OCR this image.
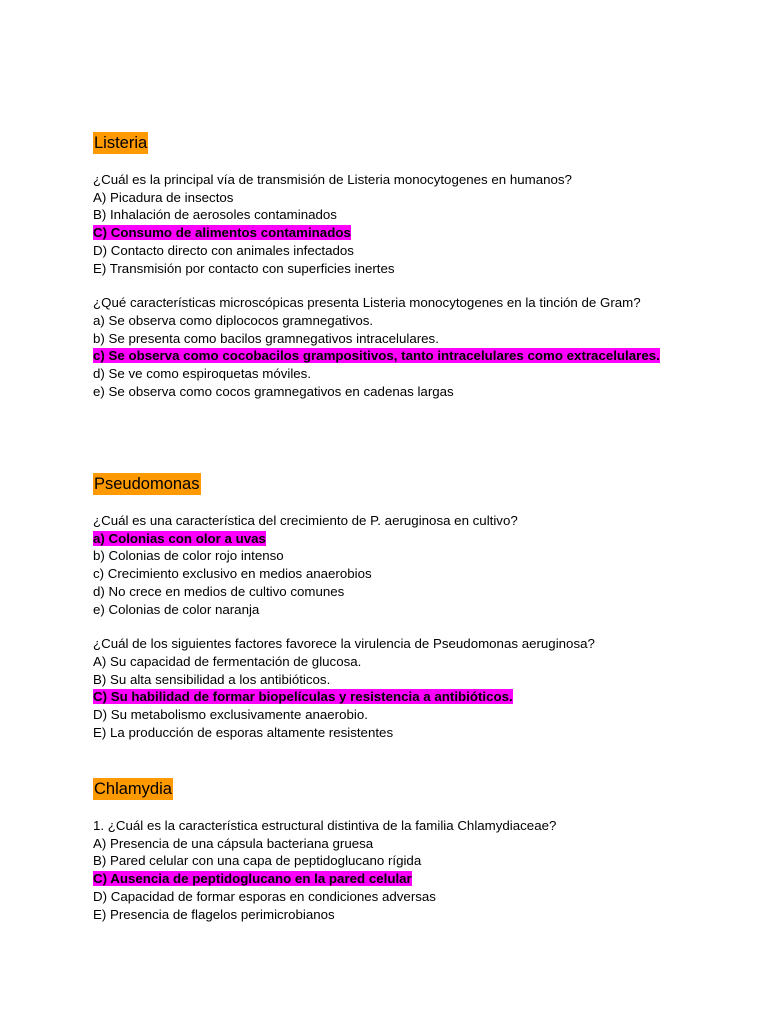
Listeria

¿Cuál es la principal vía de transmisión de Listeria monocytogenes en humanos?

A) Picadura de insectos

B) Inhalación de aerosoles contaminados

C) Consumo de alimentos contaminados

D) Contacto directo con animales infectados

E) Transmisión por contacto con superficies inertes

¿Qué características microscópicas presenta Listeria monocytogenes en la tinción de Gram?

a) Se observa como diplococos gramnegativos.

b) Se presenta como bacilos gramnegativos intracelulares.

c) Se observa como cocobacilos grampositivos, tanto intracelulares como extracelulares.

d) Se ve como espiroquetas móviles.

e) Se observa como cocos gramnegativos en cadenas largas

Pseudomonas

¿Cuál es una característica del crecimiento de P. aeruginosa en cultivo?

a) Colonias con olor a uvas

b) Colonias de color rojo intenso

c) Crecimiento exclusivo en medios anaerobios

d) No crece en medios de cultivo comunes

e) Colonias de color naranja

¿Cuál de los siguientes factores favorece la virulencia de Pseudomonas aeruginosa?

A) Su capacidad de fermentación de glucosa.

B) Su alta sensibilidad a los antibióticos.

C) Su habilidad de formar biopelículas y resistencia a antibióticos.

D) Su metabolismo exclusivamente anaerobio.

E) La producción de esporas altamente resistentes

Chlamydia

1. ¿Cuál es la característica estructural distintiva de la familia Chlamydiaceae?

A) Presencia de una cápsula bacteriana gruesa

B) Pared celular con una capa de peptidoglucano rígida

C) Ausencia de peptidoglucano en la pared celular

D) Capacidad de formar esporas en condiciones adversas

E) Presencia de flagelos perimicrobianos
